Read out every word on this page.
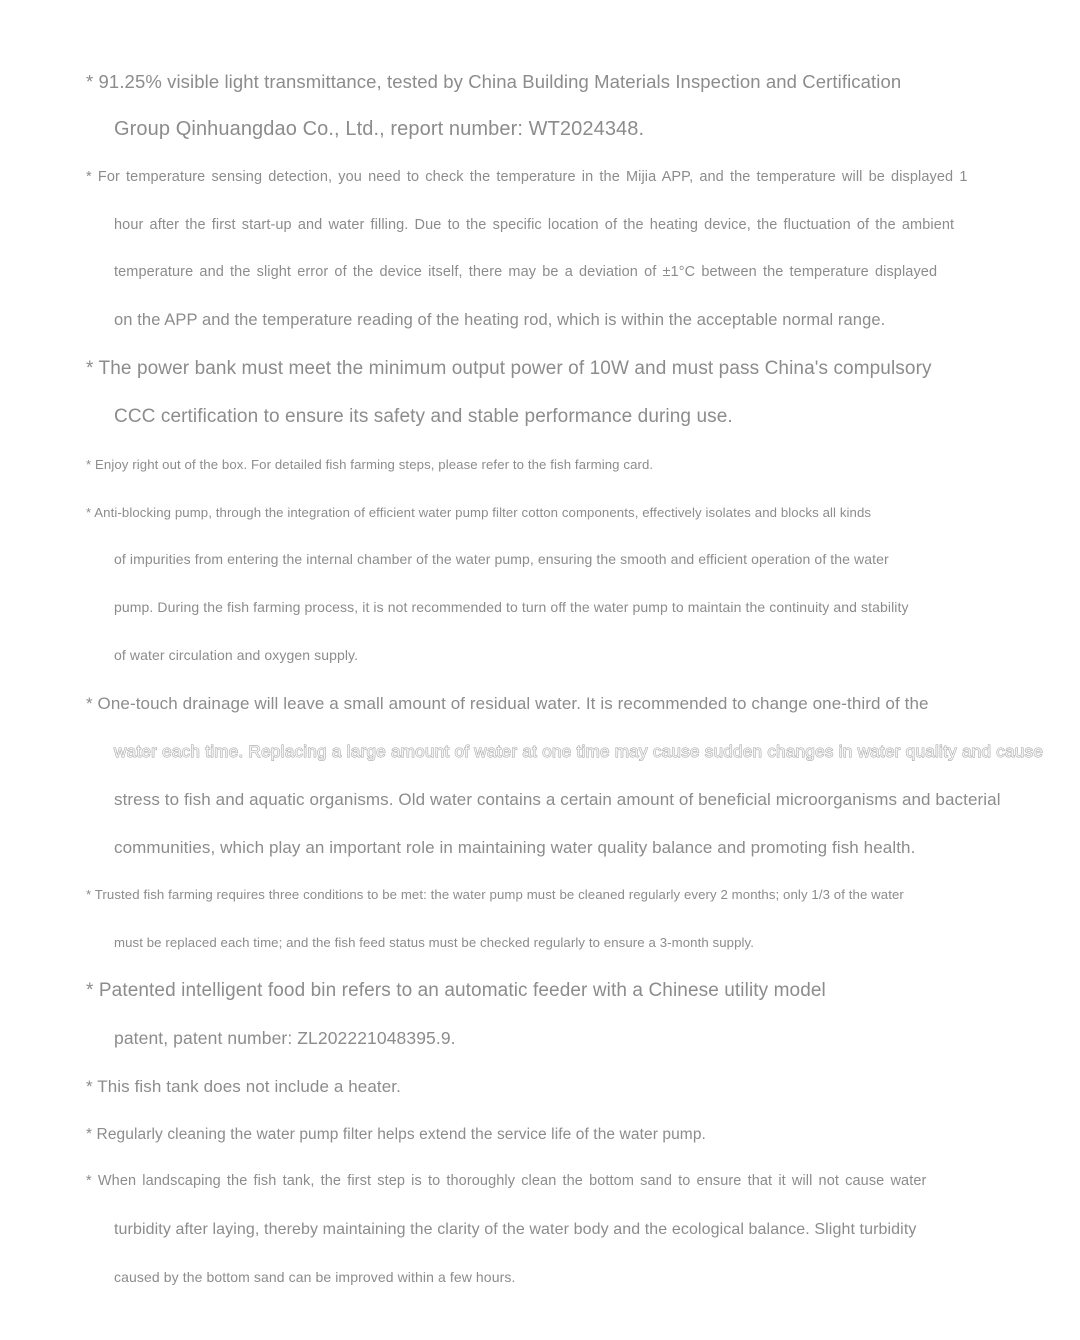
* 91.25% visible light transmittance, tested by China Building Materials Inspection and Certification
Group Qinhuangdao Co., Ltd., report number: WT2024348.
* For temperature sensing detection, you need to check the temperature in the Mijia APP, and the temperature will be displayed 1
hour after the first start-up and water filling. Due to the specific location of the heating device, the fluctuation of the ambient
temperature and the slight error of the device itself, there may be a deviation of ±1°C between the temperature displayed
on the APP and the temperature reading of the heating rod, which is within the acceptable normal range.
* The power bank must meet the minimum output power of 10W and must pass China's compulsory
CCC certification to ensure its safety and stable performance during use.
* Enjoy right out of the box. For detailed fish farming steps, please refer to the fish farming card.
* Anti-blocking pump, through the integration of efficient water pump filter cotton components, effectively isolates and blocks all kinds
of impurities from entering the internal chamber of the water pump, ensuring the smooth and efficient operation of the water
pump. During the fish farming process, it is not recommended to turn off the water pump to maintain the continuity and stability
of water circulation and oxygen supply.
* One-touch drainage will leave a small amount of residual water. It is recommended to change one-third of the
water each time. Replacing a large amount of water at one time may cause sudden changes in water quality and cause
stress to fish and aquatic organisms. Old water contains a certain amount of beneficial microorganisms and bacterial
communities, which play an important role in maintaining water quality balance and promoting fish health.
* Trusted fish farming requires three conditions to be met: the water pump must be cleaned regularly every 2 months; only 1/3 of the water
must be replaced each time; and the fish feed status must be checked regularly to ensure a 3-month supply.
* Patented intelligent food bin refers to an automatic feeder with a Chinese utility model
patent, patent number: ZL202221048395.9.
* This fish tank does not include a heater.
* Regularly cleaning the water pump filter helps extend the service life of the water pump.
* When landscaping the fish tank, the first step is to thoroughly clean the bottom sand to ensure that it will not cause water
turbidity after laying, thereby maintaining the clarity of the water body and the ecological balance. Slight turbidity
caused by the bottom sand can be improved within a few hours.
